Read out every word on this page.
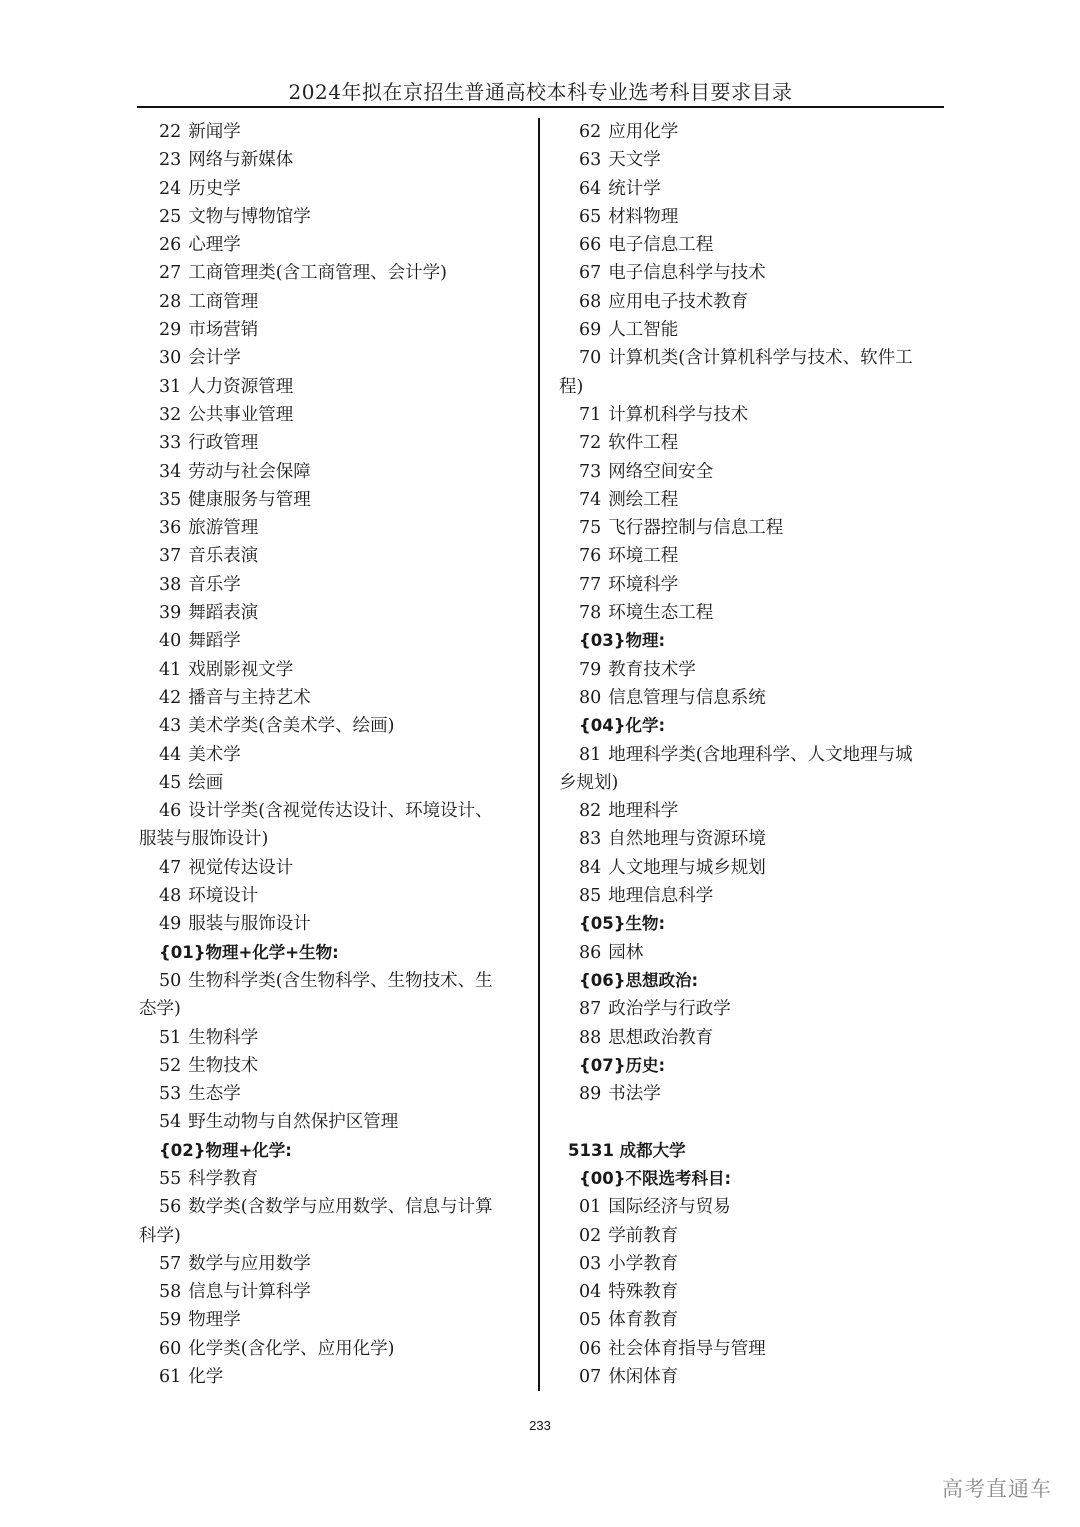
2024年拟在京招生普通高校本科专业选考科目要求目录
22 新闻学
23 网络与新媒体
24 历史学
25 文物与博物馆学
26 心理学
27 工商管理类(含工商管理、会计学)
28 工商管理
29 市场营销
30 会计学
31 人力资源管理
32 公共事业管理
33 行政管理
34 劳动与社会保障
35 健康服务与管理
36 旅游管理
37 音乐表演
38 音乐学
39 舞蹈表演
40 舞蹈学
41 戏剧影视文学
42 播音与主持艺术
43 美术学类(含美术学、绘画)
44 美术学
45 绘画
46 设计学类(含视觉传达设计、环境设计、
服装与服饰设计)
47 视觉传达设计
48 环境设计
49 服装与服饰设计
{01}物理+化学+生物:
50 生物科学类(含生物科学、生物技术、生
态学)
51 生物科学
52 生物技术
53 生态学
54 野生动物与自然保护区管理
{02}物理+化学:
55 科学教育
56 数学类(含数学与应用数学、信息与计算
科学)
57 数学与应用数学
58 信息与计算科学
59 物理学
60 化学类(含化学、应用化学)
61 化学
62 应用化学
63 天文学
64 统计学
65 材料物理
66 电子信息工程
67 电子信息科学与技术
68 应用电子技术教育
69 人工智能
70 计算机类(含计算机科学与技术、软件工
程)
71 计算机科学与技术
72 软件工程
73 网络空间安全
74 测绘工程
75 飞行器控制与信息工程
76 环境工程
77 环境科学
78 环境生态工程
{03}物理:
79 教育技术学
80 信息管理与信息系统
{04}化学:
81 地理科学类(含地理科学、人文地理与城
乡规划)
82 地理科学
83 自然地理与资源环境
84 人文地理与城乡规划
85 地理信息科学
{05}生物:
86 园林
{06}思想政治:
87 政治学与行政学
88 思想政治教育
{07}历史:
89 书法学
5131 成都大学
{00}不限选考科目:
01 国际经济与贸易
02 学前教育
03 小学教育
04 特殊教育
05 体育教育
06 社会体育指导与管理
07 休闲体育
233
高考直通车
